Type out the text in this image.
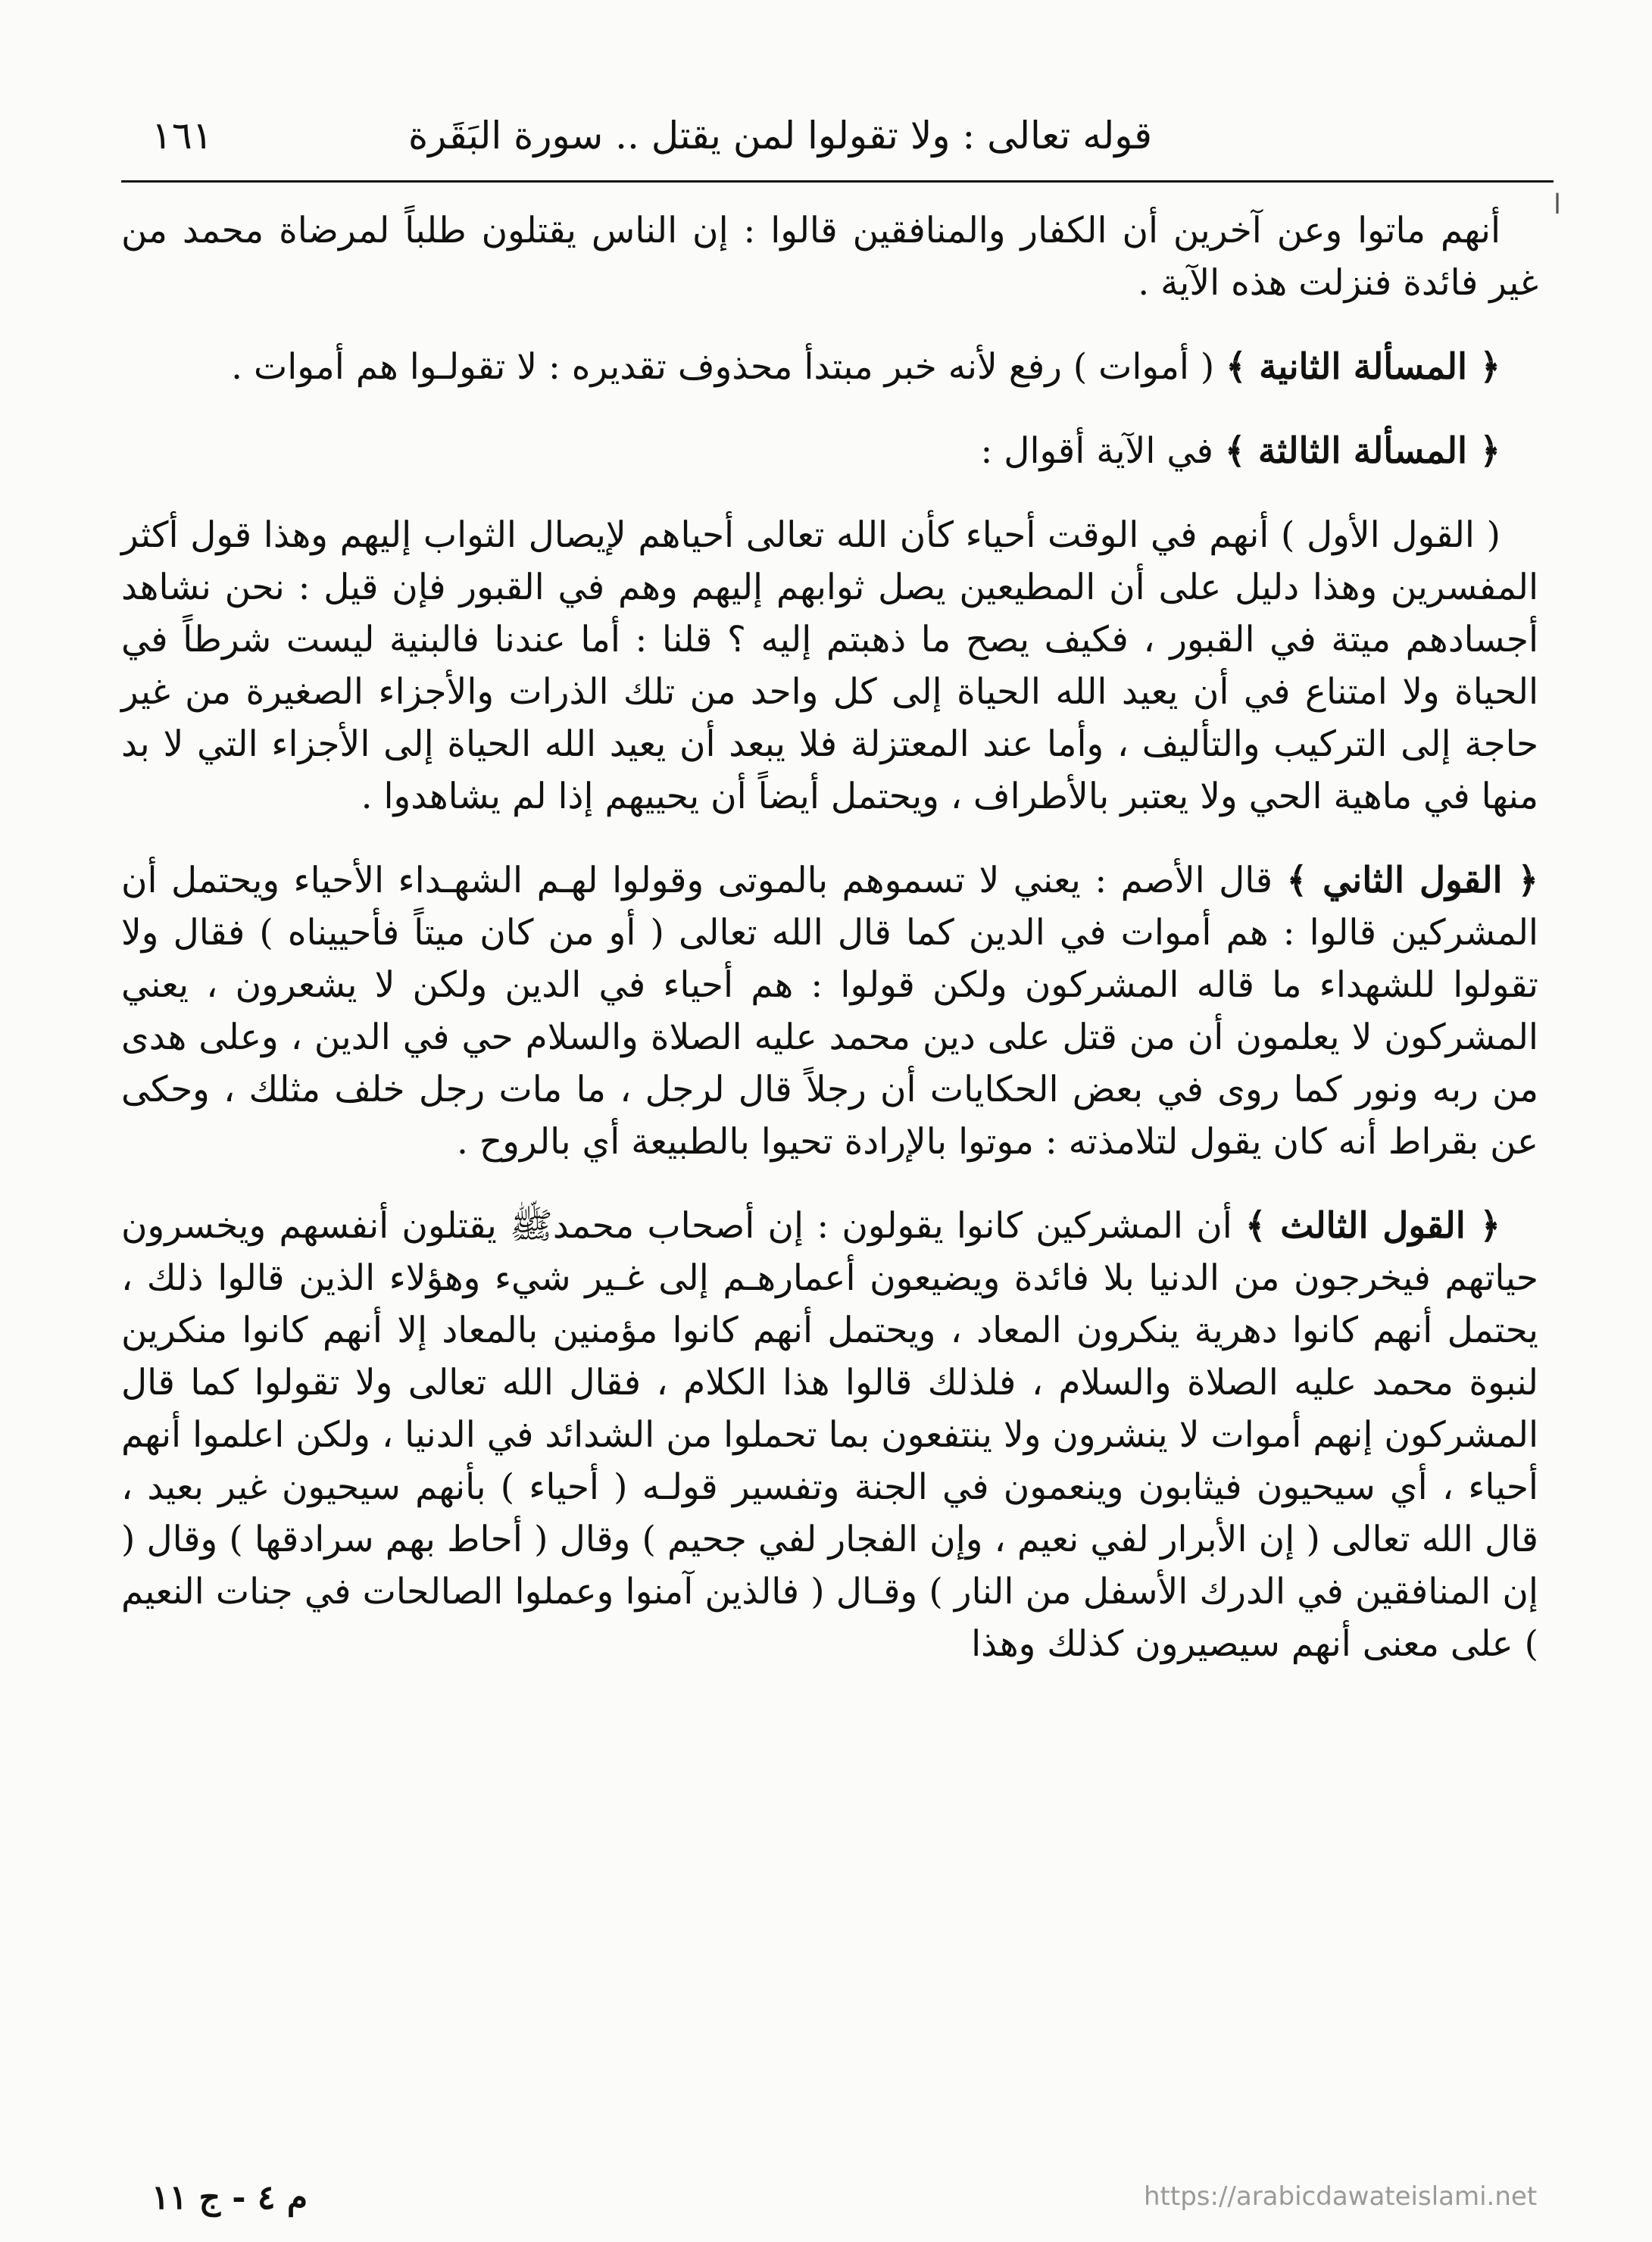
قوله تعالى : ولا تقولوا لمن يقتل .. سورة البَقَرة
١٦١
ا

أنهم ماتوا وعن آخرين أن الكفار والمنافقين قالوا : إن الناس يقتلون طلباً لمرضاة محمد من غير فائدة فنزلت هذه الآية .

﴿ المسألة الثانية ﴾ ( أموات ) رفع لأنه خبر مبتدأ محذوف تقديره : لا تقولـوا هم أموات .

﴿ المسألة الثالثة ﴾ في الآية أقوال :

( القول الأول ) أنهم في الوقت أحياء كأن الله تعالى أحياهم لإيصال الثواب إليهم وهذا قول أكثر المفسرين وهذا دليل على أن المطيعين يصل ثوابهم إليهم وهم في القبور فإن قيل : نحن نشاهد أجسادهم ميتة في القبور ، فكيف يصح ما ذهبتم إليه ؟ قلنا : أما عندنا فالبنية ليست شرطاً في الحياة ولا امتناع في أن يعيد الله الحياة إلى كل واحد من تلك الذرات والأجزاء الصغيرة من غير حاجة إلى التركيب والتأليف ، وأما عند المعتزلة فلا يبعد أن يعيد الله الحياة إلى الأجزاء التي لا بد منها في ماهية الحي ولا يعتبر بالأطراف ، ويحتمل أيضاً أن يحييهم إذا لم يشاهدوا .

﴿ القول الثاني ﴾ قال الأصم : يعني لا تسموهم بالموتى وقولوا لهـم الشهـداء الأحياء ويحتمل أن المشركين قالوا : هم أموات في الدين كما قال الله تعالى ( أو من كان ميتاً فأحييناه ) فقال ولا تقولوا للشهداء ما قاله المشركون ولكن قولوا : هم أحياء في الدين ولكن لا يشعرون ، يعني المشركون لا يعلمون أن من قتل على دين محمد عليه الصلاة والسلام حي في الدين ، وعلى هدى من ربه ونور كما روى في بعض الحكايات أن رجلاً قال لرجل ، ما مات رجل خلف مثلك ، وحكى عن بقراط أنه كان يقول لتلامذته : موتوا بالإرادة تحيوا بالطبيعة أي بالروح .

﴿ القول الثالث ﴾ أن المشركين كانوا يقولون : إن أصحاب محمدﷺ يقتلون أنفسهم ويخسرون حياتهم فيخرجون من الدنيا بلا فائدة ويضيعون أعمارهـم إلى غـير شيء وهؤلاء الذين قالوا ذلك ، يحتمل أنهم كانوا دهرية ينكرون المعاد ، ويحتمل أنهم كانوا مؤمنين بالمعاد إلا أنهم كانوا منكرين لنبوة محمد عليه الصلاة والسلام ، فلذلك قالوا هذا الكلام ، فقال الله تعالى ولا تقولوا كما قال المشركون إنهم أموات لا ينشرون ولا ينتفعون بما تحملوا من الشدائد في الدنيا ، ولكن اعلموا أنهم أحياء ، أي سيحيون فيثابون وينعمون في الجنة وتفسير قولـه ( أحياء ) بأنهم سيحيون غير بعيد ، قال الله تعالى ( إن الأبرار لفي نعيم ، وإن الفجار لفي جحيم ) وقال ( أحاط بهم سرادقها ) وقال ( إن المنافقين في الدرك الأسفل من النار ) وقـال ( فالذين آمنوا وعملوا الصالحات في جنات النعيم ) على معنى أنهم سيصيرون كذلك وهذا

م ٤ - ج ١١	https://arabicdawateislami.net
